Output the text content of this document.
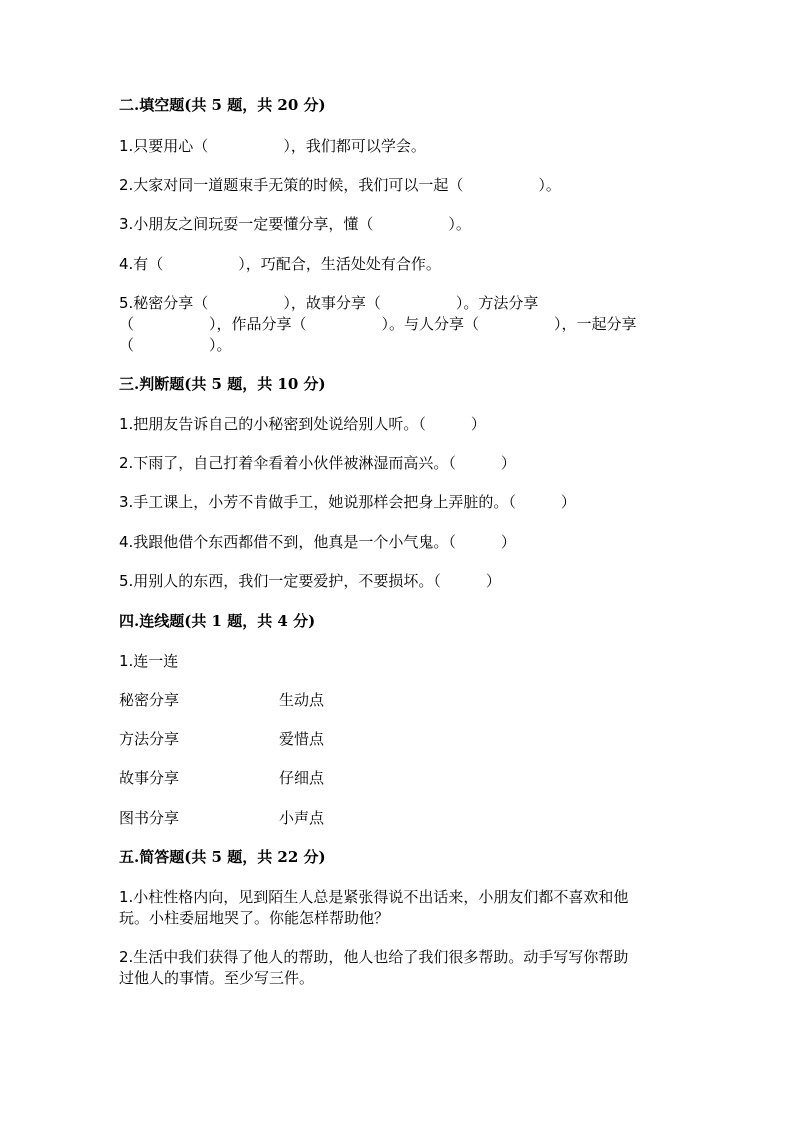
二.填空题(共 5 题，共 20 分)
1.只要用心（　　　　　），我们都可以学会。
2.大家对同一道题束手无策的时候，我们可以一起（　　　　　）。
3.小朋友之间玩耍一定要懂分享，懂（　　　　　）。
4.有（　　　　　），巧配合，生活处处有合作。
5.秘密分享（　　　　　），故事分享（　　　　　）。方法分享
（　　　　　），作品分享（　　　　　）。与人分享（　　　　　），一起分享
（　　　　　）。
三.判断题(共 5 题，共 10 分)
1.把朋友告诉自己的小秘密到处说给别人听。（　　　）
2.下雨了，自己打着伞看着小伙伴被淋湿而高兴。（　　　）
3.手工课上，小芳不肯做手工，她说那样会把身上弄脏的。（　　　）
4.我跟他借个东西都借不到，他真是一个小气鬼。（　　　）
5.用别人的东西，我们一定要爱护，不要损坏。（　　　）
四.连线题(共 1 题，共 4 分)
1.连一连
秘密分享	生动点
方法分享	爱惜点
故事分享	仔细点
图书分享	小声点
五.简答题(共 5 题，共 22 分)
1.小柱性格内向，见到陌生人总是紧张得说不出话来，小朋友们都不喜欢和他
玩。小柱委屈地哭了。你能怎样帮助他？
2.生活中我们获得了他人的帮助，他人也给了我们很多帮助。动手写写你帮助
过他人的事情。至少写三件。
